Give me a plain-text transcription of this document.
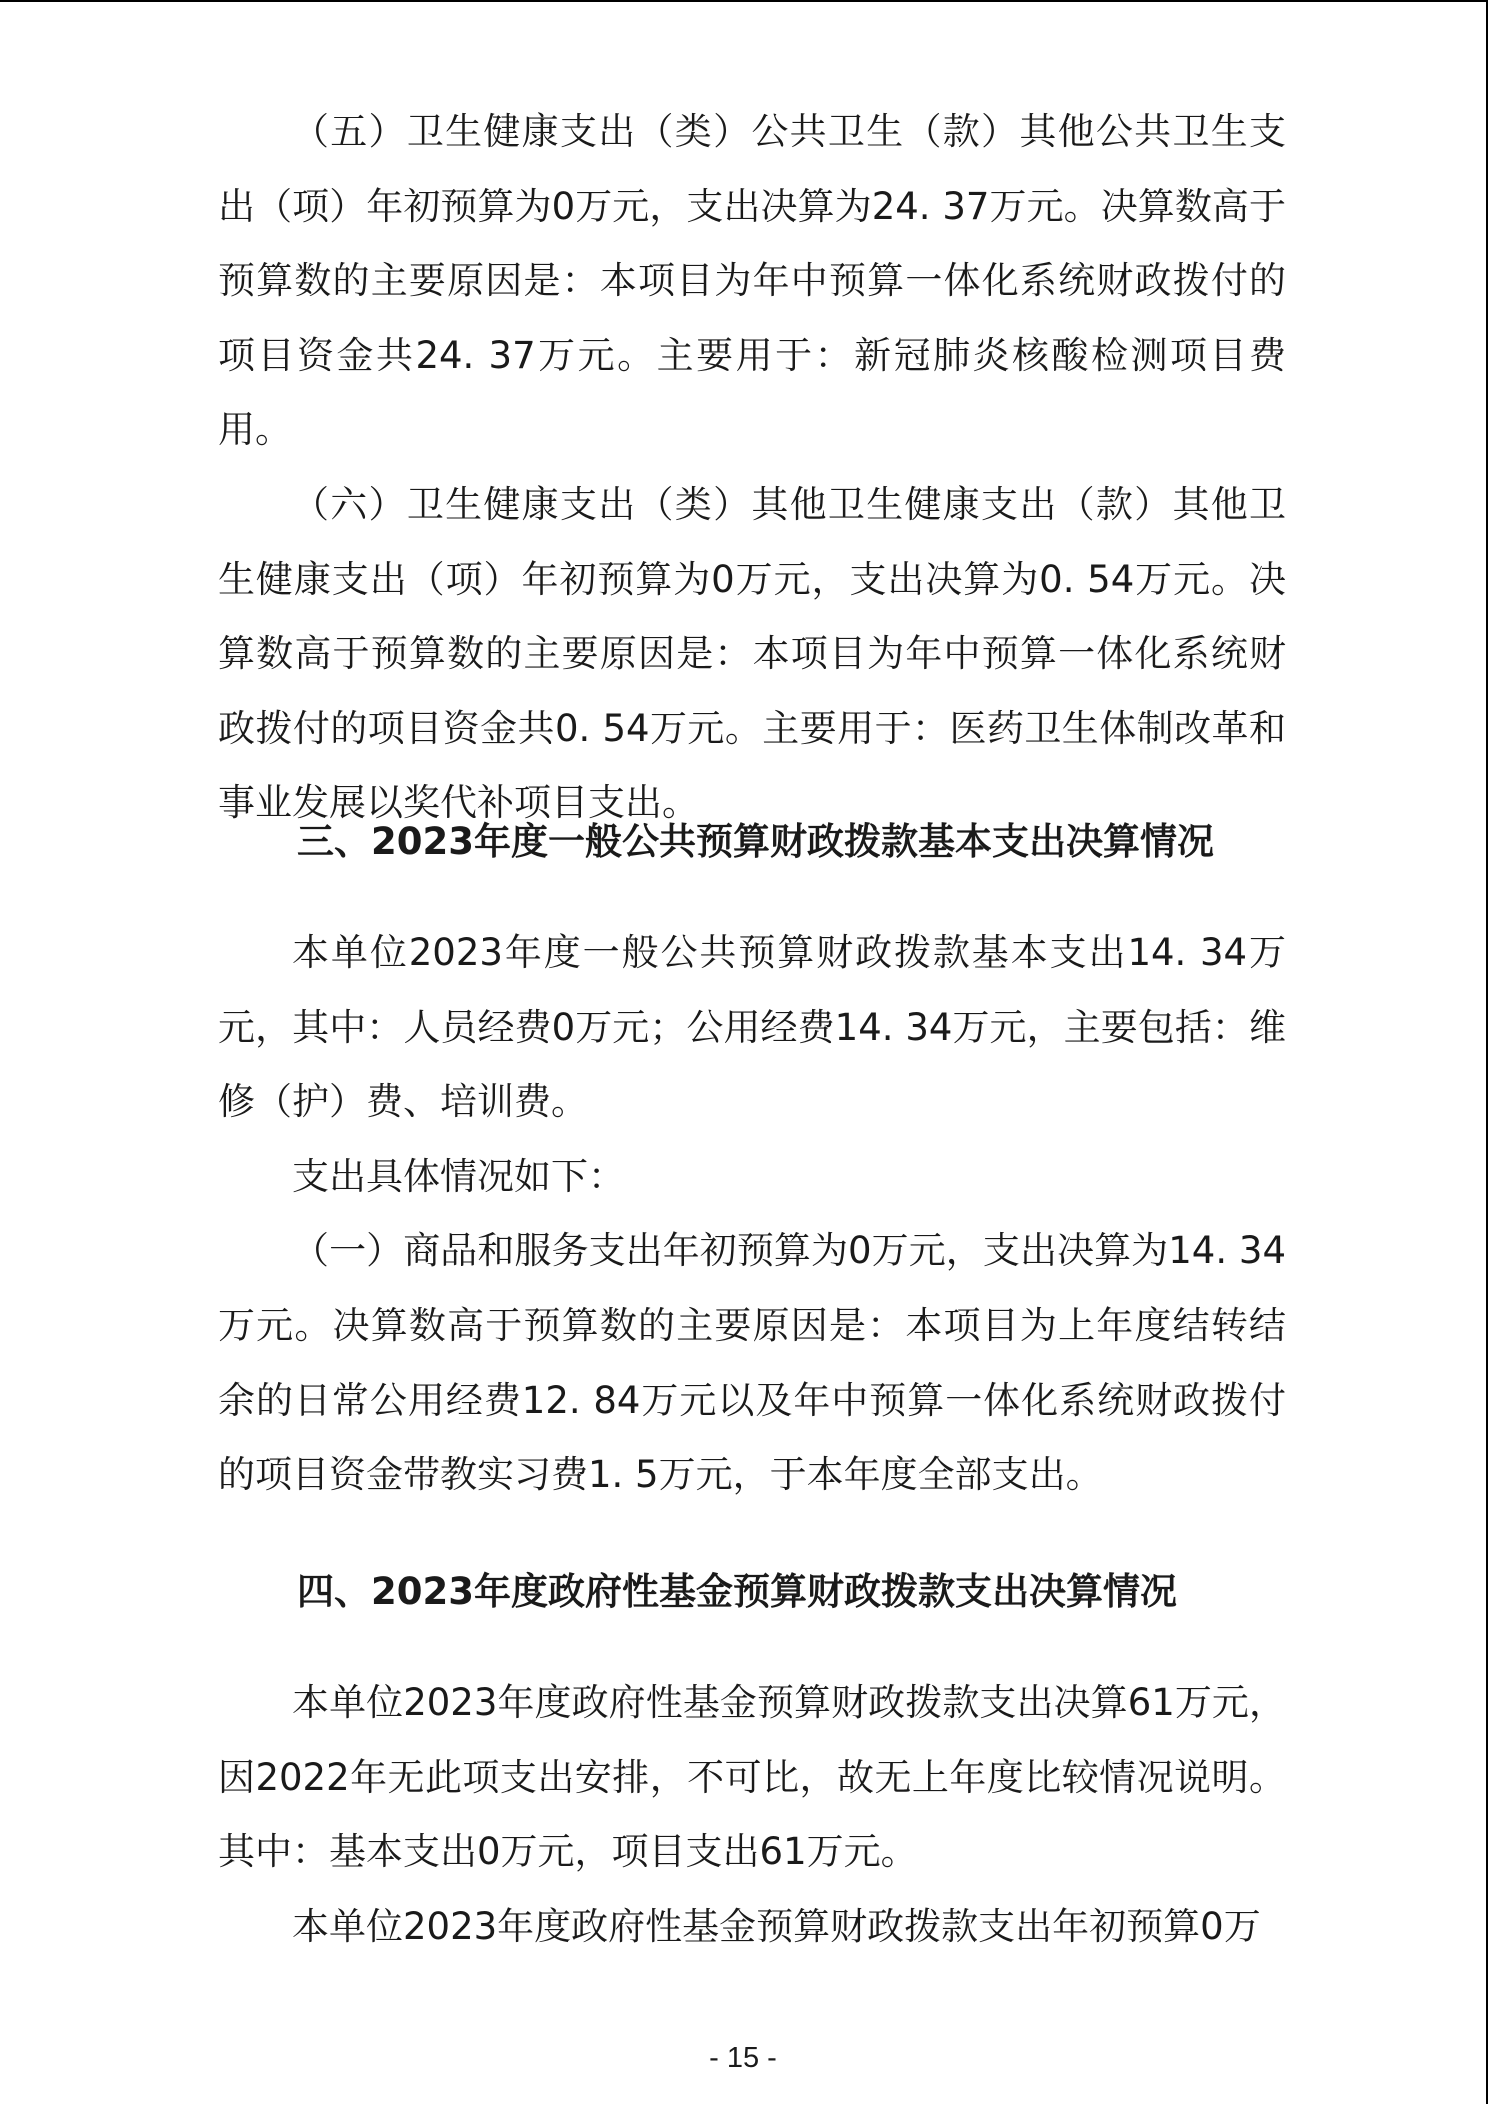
（五）卫生健康支出（类）公共卫生（款）其他公共卫生支出（项）年初预算为0万元，支出决算为24. 37万元。决算数高于预算数的主要原因是：本项目为年中预算一体化系统财政拨付的项目资金共24. 37万元。主要用于：新冠肺炎核酸检测项目费用。

（六）卫生健康支出（类）其他卫生健康支出（款）其他卫生健康支出（项）年初预算为0万元，支出决算为0. 54万元。决算数高于预算数的主要原因是：本项目为年中预算一体化系统财政拨付的项目资金共0. 54万元。主要用于：医药卫生体制改革和事业发展以奖代补项目支出。

三、2023年度一般公共预算财政拨款基本支出决算情况

本单位2023年度一般公共预算财政拨款基本支出14. 34万元，其中：人员经费0万元；公用经费14. 34万元，主要包括：维修（护）费、培训费。

支出具体情况如下：

（一）商品和服务支出年初预算为0万元，支出决算为14. 34万元。决算数高于预算数的主要原因是：本项目为上年度结转结余的日常公用经费12. 84万元以及年中预算一体化系统财政拨付的项目资金带教实习费1. 5万元，于本年度全部支出。

四、2023年度政府性基金预算财政拨款支出决算情况

本单位2023年度政府性基金预算财政拨款支出决算61万元，因2022年无此项支出安排，不可比，故无上年度比较情况说明。其中：基本支出0万元，项目支出61万元。

本单位2023年度政府性基金预算财政拨款支出年初预算0万

- 15 -
